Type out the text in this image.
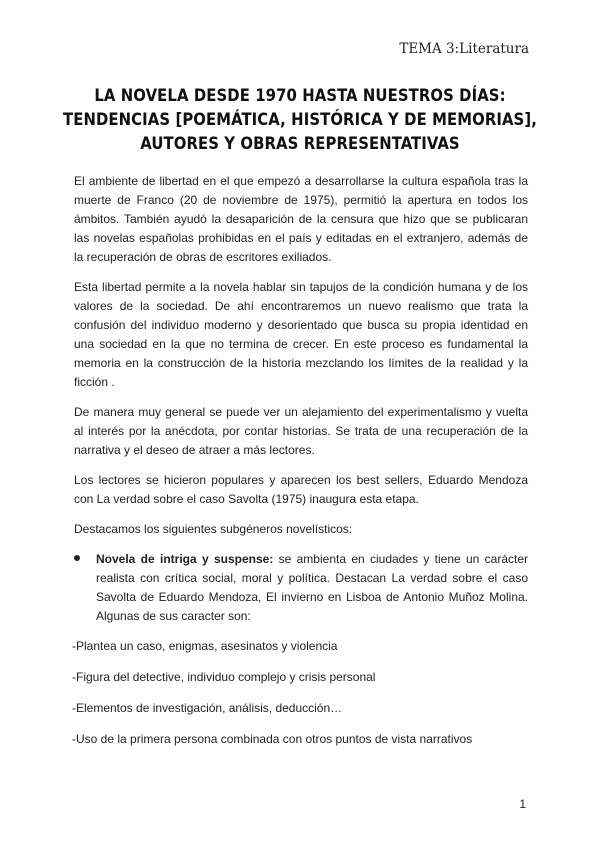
TEMA 3:Literatura
LA NOVELA DESDE 1970 HASTA NUESTROS DÍAS:
TENDENCIAS [POEMÁTICA, HISTÓRICA Y DE MEMORIAS],
AUTORES Y OBRAS REPRESENTATIVAS

El ambiente de libertad en el que empezó a desarrollarse la cultura española tras la muerte de Franco (20 de noviembre de 1975), permitió la apertura en todos los ámbitos. También ayudó la desaparición de la censura que hizo que se publicaran las novelas españolas prohibidas en el país y editadas en el extranjero, además de la recuperación de obras de escritores exiliados.

Esta libertad permite a la novela hablar sin tapujos de la condición humana y de los valores de la sociedad. De ahí encontraremos un nuevo realismo que trata la confusión del individuo moderno y desorientado que busca su propia identidad en una sociedad en la que no termina de crecer. En este proceso es fundamental la memoria en la construcción de la historia mezclando los límites de la realidad y la ficción .

De manera muy general se puede ver un alejamiento del experimentalismo y vuelta al interés por la anécdota, por contar historias. Se trata de una recuperación de la narrativa y el deseo de atraer a más lectores.

Los lectores se hicieron populares y aparecen los best sellers, Eduardo Mendoza con La verdad sobre el caso Savolta (1975) inaugura esta etapa.

Destacamos los siguientes subgéneros novelísticos:

Novela de intriga y suspense: se ambienta en ciudades y tiene un carácter realista con crítica social, moral y política. Destacan La verdad sobre el caso Savolta de Eduardo Mendoza, El invierno en Lisboa de Antonio Muñoz Molina. Algunas de sus caracter son:

-Plantea un caso, enigmas, asesinatos y violencia

-Figura del detective, individuo complejo y crisis personal

-Elementos de investigación, análisis, deducción…

-Uso de la primera persona combinada con otros puntos de vista narrativos

1
